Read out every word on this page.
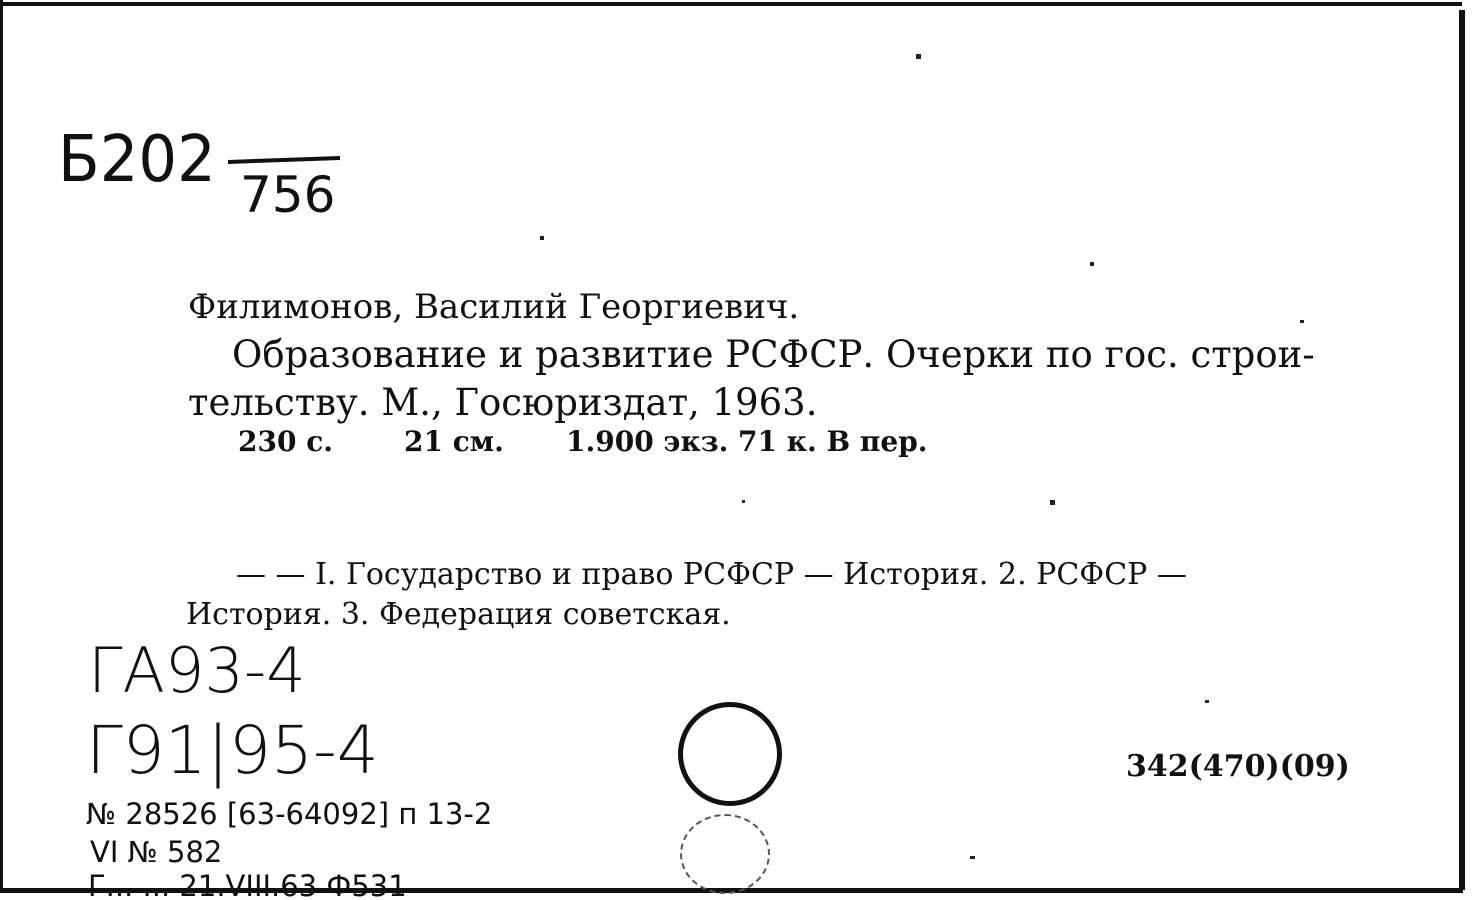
Б202 756
Филимонов, Василий Георгиевич.
Образование и развитие РСФСР. Очерки по гос. строи-
тельству. М., Госюриздат, 1963.
230 с.	21 см. 1.900 экз. 71 к. В пер.
— — I. Государство и право РСФСР — История. 2. РСФСР —
История. 3. Федерация советская.
ГА93-4
Г91|95-4	342(470)(09)
№ 28526 [63-64092] п 13-2
VI № 582
Г... ... 21.VIII.63 Ф531
